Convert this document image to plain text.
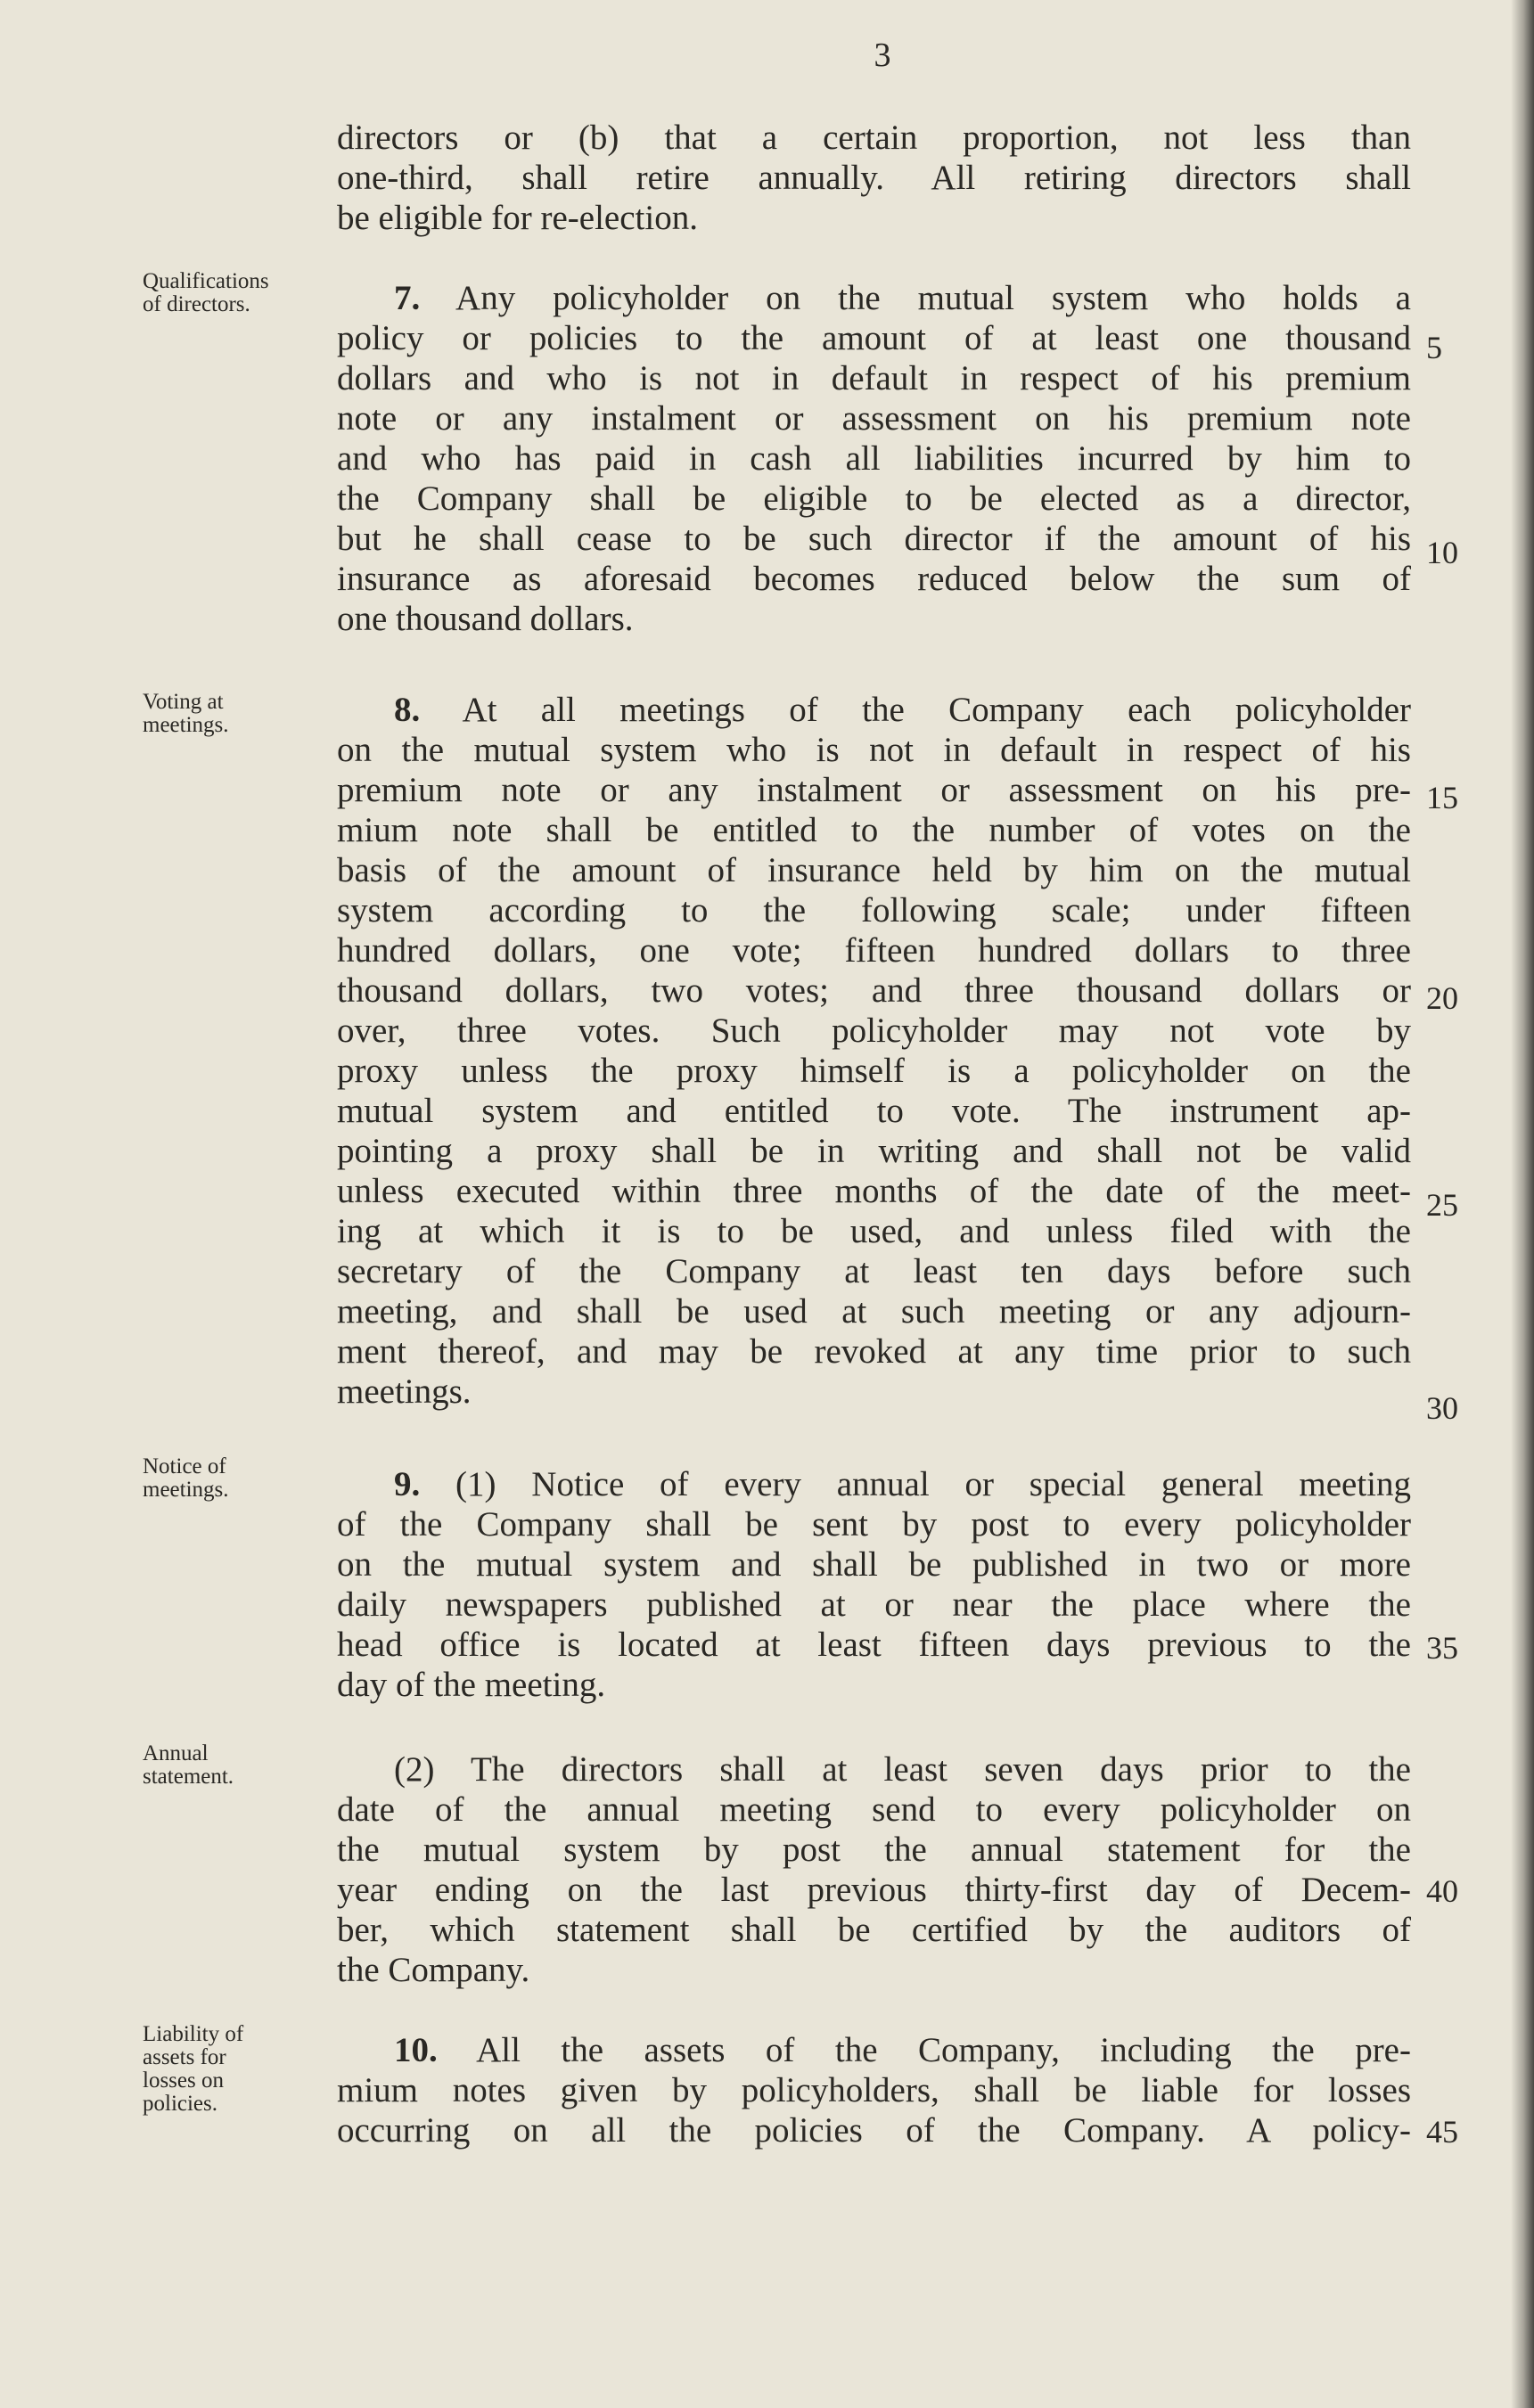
3
directors or (b) that a certain proportion, not less than
one-third, shall retire annually. All retiring directors shall
be eligible for re-election.
Qualifications
of directors.	7. Any policyholder on the mutual system who holds a
policy or policies to the amount of at least one thousand
dollars and who is not in default in respect of his premium
note or any instalment or assessment on his premium note
and who has paid in cash all liabilities incurred by him to
the Company shall be eligible to be elected as a director,
but he shall cease to be such director if the amount of his
insurance as aforesaid becomes reduced below the sum of
one thousand dollars.
Voting at
meetings.	8. At all meetings of the Company each policyholder
on the mutual system who is not in default in respect of his
premium note or any instalment or assessment on his pre-
mium note shall be entitled to the number of votes on the
basis of the amount of insurance held by him on the mutual
system according to the following scale; under fifteen
hundred dollars, one vote; fifteen hundred dollars to three
thousand dollars, two votes; and three thousand dollars or
over, three votes. Such policyholder may not vote by
proxy unless the proxy himself is a policyholder on the
mutual system and entitled to vote. The instrument ap-
pointing a proxy shall be in writing and shall not be valid
unless executed within three months of the date of the meet-
ing at which it is to be used, and unless filed with the
secretary of the Company at least ten days before such
meeting, and shall be used at such meeting or any adjourn-
ment thereof, and may be revoked at any time prior to such
meetings.
Notice of
meetings.	9. (1) Notice of every annual or special general meeting
of the Company shall be sent by post to every policyholder
on the mutual system and shall be published in two or more
daily newspapers published at or near the place where the
head office is located at least fifteen days previous to the
day of the meeting.
Annual
statement.	(2) The directors shall at least seven days prior to the
date of the annual meeting send to every policyholder on
the mutual system by post the annual statement for the
year ending on the last previous thirty-first day of Decem-
ber, which statement shall be certified by the auditors of
the Company.
Liability of
assets for
losses on
policies.
10. All the assets of the Company, including the pre-
mium notes given by policyholders, shall be liable for losses
occurring on all the policies of the Company. A policy-
5
10
15
20
25
30
35
40
45
